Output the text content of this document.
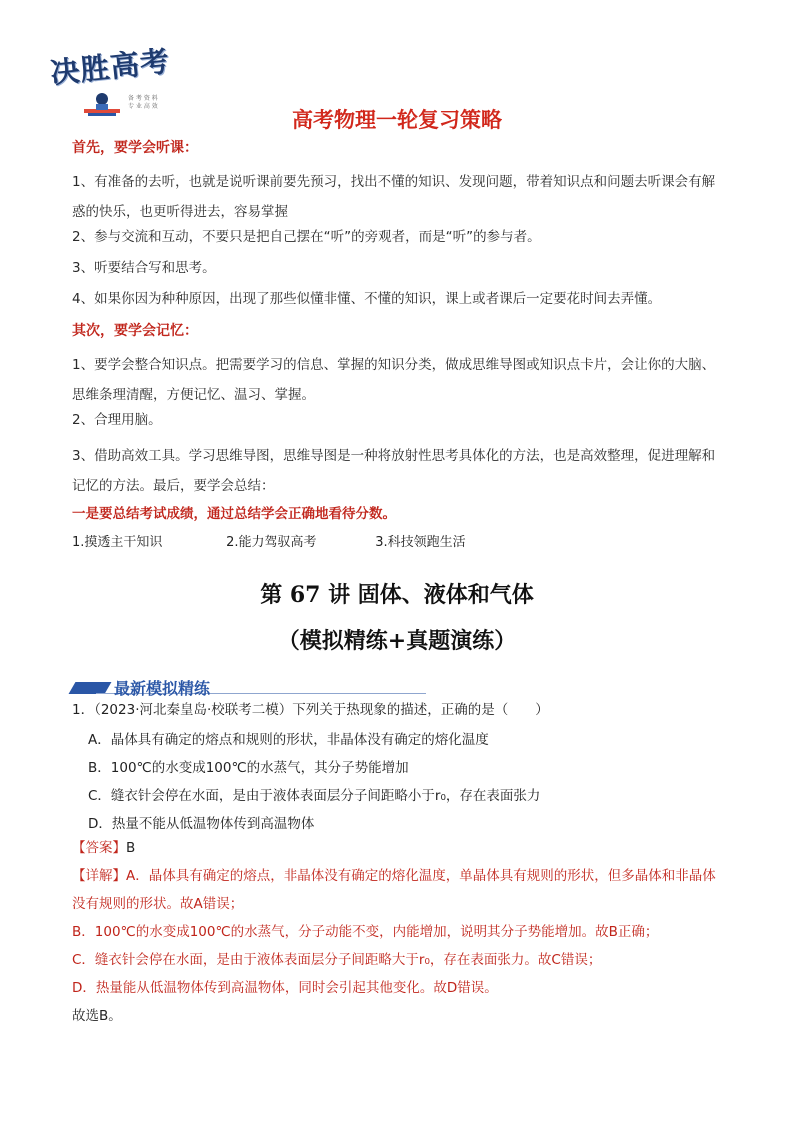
决胜高考
备 考 资 料
专 业 高 效
高考物理一轮复习策略
首先，要学会听课：
1、有准备的去听，也就是说听课前要先预习，找出不懂的知识、发现问题，带着知识点和问题去听课会有解惑的快乐，也更听得进去，容易掌握
2、参与交流和互动，不要只是把自己摆在“听”的旁观者，而是“听”的参与者。
3、听要结合写和思考。
4、如果你因为种种原因，出现了那些似懂非懂、不懂的知识，课上或者课后一定要花时间去弄懂。
其次，要学会记忆：
1、要学会整合知识点。把需要学习的信息、掌握的知识分类，做成思维导图或知识点卡片，会让你的大脑、思维条理清醒，方便记忆、温习、掌握。
2、合理用脑。
3、借助高效工具。学习思维导图，思维导图是一种将放射性思考具体化的方法，也是高效整理，促进理解和记忆的方法。最后，要学会总结：
一是要总结考试成绩，通过总结学会正确地看待分数。
1.摸透主干知识	2.能力驾驭高考	3.科技领跑生活
第 67 讲 固体、液体和气体
（模拟精练+真题演练）
最新模拟精练
1．（2023·河北秦皇岛·校联考二模）下列关于热现象的描述，正确的是（　　）
A．晶体具有确定的熔点和规则的形状，非晶体没有确定的熔化温度
B．100℃的水变成100℃的水蒸气，其分子势能增加
C．缝衣针会停在水面，是由于液体表面层分子间距略小于r₀，存在表面张力
D．热量不能从低温物体传到高温物体
【答案】B
【详解】A．晶体具有确定的熔点，非晶体没有确定的熔化温度，单晶体具有规则的形状，但多晶体和非晶体没有规则的形状。故A错误；
B．100℃的水变成100℃的水蒸气，分子动能不变，内能增加，说明其分子势能增加。故B正确；
C．缝衣针会停在水面，是由于液体表面层分子间距略大于r₀，存在表面张力。故C错误；
D．热量能从低温物体传到高温物体，同时会引起其他变化。故D错误。
故选B。
